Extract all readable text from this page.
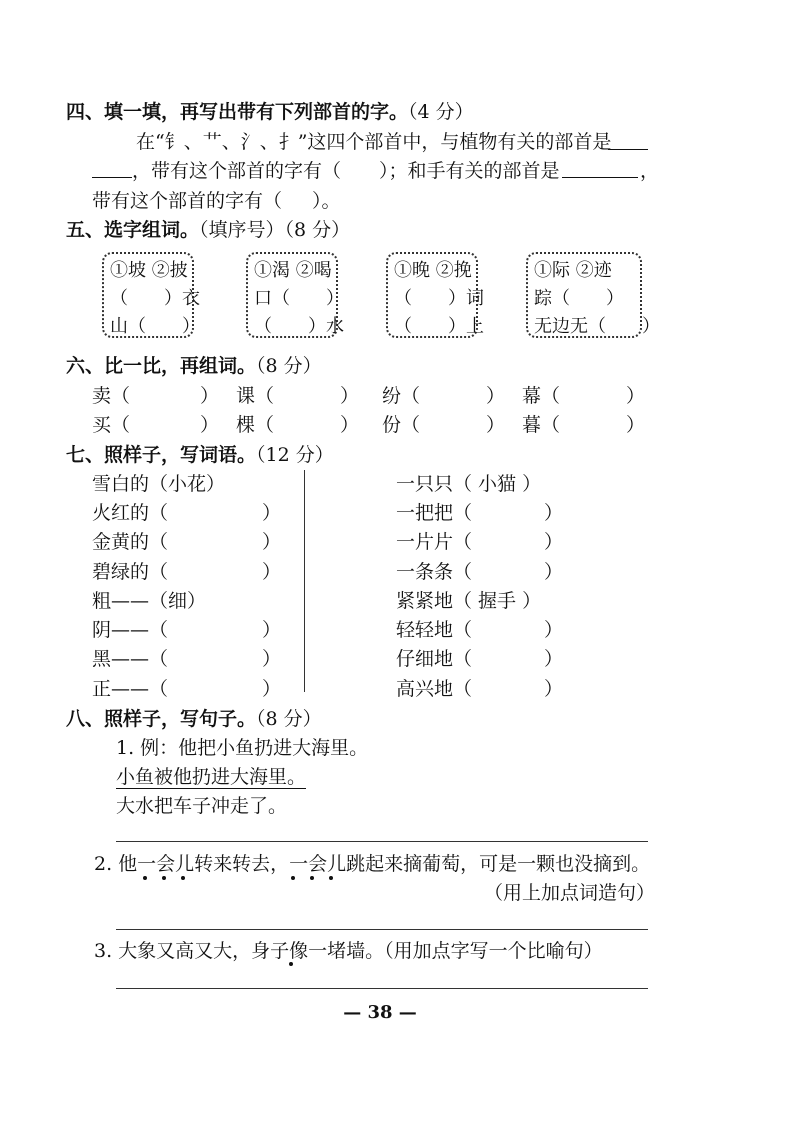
四、填一填，再写出带有下列部首的字。（4 分）
在“钅、艹、氵、扌”这四个部首中，与植物有关的部首是
，带有这个部首的字有（ ）；和手有关的部首是	，
带有这个部首的字有（ ）。
五、选字组词。（填序号）（8 分）
①坡 ②披
（　　）衣
山（　　）
①渴 ②喝
口（　　）
（　　）水
①晚 ②挽
（　　）词
（　　）上
①际 ②迹
踪（　　）
无边无（　　）
六、比一比，再组词。（8 分）
卖（	） 课（	） 纷（	） 幕（	）
买（	） 棵（	） 份（	） 暮（	）
七、照样子，写词语。（12 分）
雪白的（小花）
火红的（	）
金黄的（	）
碧绿的（	）
粗——（细）
阴——（	）
黑——（	）
正——（	）
一只只（ 小猫 ）
一把把（	）
一片片（	）
一条条（	）
紧紧地（ 握手 ）
轻轻地（	）
仔细地（	）
高兴地（	）
八、照样子，写句子。（8 分）
1. 例：他把小鱼扔进大海里。
小鱼被他扔进大海里。
大水把车子冲走了。
2. 他一会儿转来转去，一会儿跳起来摘葡萄，可是一颗也没摘到。
（用上加点词造句）
3. 大象又高又大，身子像一堵墙。（用加点字写一个比喻句）
— 38 —
